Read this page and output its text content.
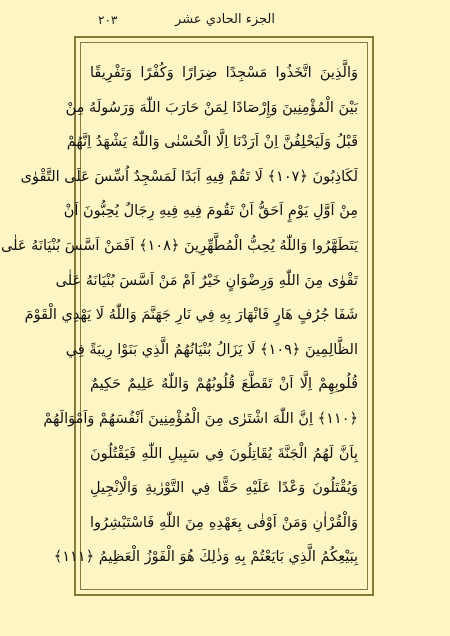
الجزء الحادي عشر
٢٠٣
وَالَّذِينَ اتَّخَذُوا مَسْجِدًا ضِرَارًا وَكُفْرًا وَتَفْرِيقًا
بَيْنَ الْمُؤْمِنِينَ وَإِرْصَادًا لِمَنْ حَارَبَ اللّٰهَ وَرَسُولَهُ مِنْ
قَبْلُ وَلَيَحْلِفُنَّ اِنْ اَرَدْنَا اِلَّا الْحُسْنٰى وَاللّٰهُ يَشْهَدُ اِنَّهُمْ
لَكَاذِبُونَ ﴿١٠٧﴾ لَا تَقُمْ فِيهِ اَبَدًا لَمَسْجِدٌ اُسِّسَ عَلَى التَّقْوٰى
مِنْ اَوَّلِ يَوْمٍ اَحَقُّ اَنْ تَقُومَ فِيهِ فِيهِ رِجَالٌ يُحِبُّونَ اَنْ
يَتَطَهَّرُوا وَاللّٰهُ يُحِبُّ الْمُطَّهِّرِينَ ﴿١٠٨﴾ اَفَمَنْ اَسَّسَ بُنْيَانَهُ عَلٰى
تَقْوٰى مِنَ اللّٰهِ وَرِضْوَانٍ خَيْرٌ اَمْ مَنْ اَسَّسَ بُنْيَانَهُ عَلٰى
شَفَا جُرُفٍ هَارٍ فَانْهَارَ بِهِ فِي نَارِ جَهَنَّمَ وَاللّٰهُ لَا يَهْدِي الْقَوْمَ
الظَّالِمِينَ ﴿١٠٩﴾ لَا يَزَالُ بُنْيَانُهُمُ الَّذِي بَنَوْا رِيبَةً فِي
قُلُوبِهِمْ اِلَّا اَنْ تَقَطَّعَ قُلُوبُهُمْ وَاللّٰهُ عَلِيمٌ حَكِيمٌ
﴿١١٠﴾ اِنَّ اللّٰهَ اشْتَرٰى مِنَ الْمُؤْمِنِينَ اَنْفُسَهُمْ وَاَمْوَالَهُمْ
بِاَنَّ لَهُمُ الْجَنَّةَ يُقَاتِلُونَ فِي سَبِيلِ اللّٰهِ فَيَقْتُلُونَ
وَيُقْتَلُونَ وَعْدًا عَلَيْهِ حَقًّا فِي التَّوْرٰيةِ وَالْاِنْجِيلِ
وَالْقُرْاٰنِ وَمَنْ اَوْفٰى بِعَهْدِهِ مِنَ اللّٰهِ فَاسْتَبْشِرُوا
بِبَيْعِكُمُ الَّذِي بَايَعْتُمْ بِهِ وَذٰلِكَ هُوَ الْفَوْزُ الْعَظِيمُ ﴿١١١﴾
